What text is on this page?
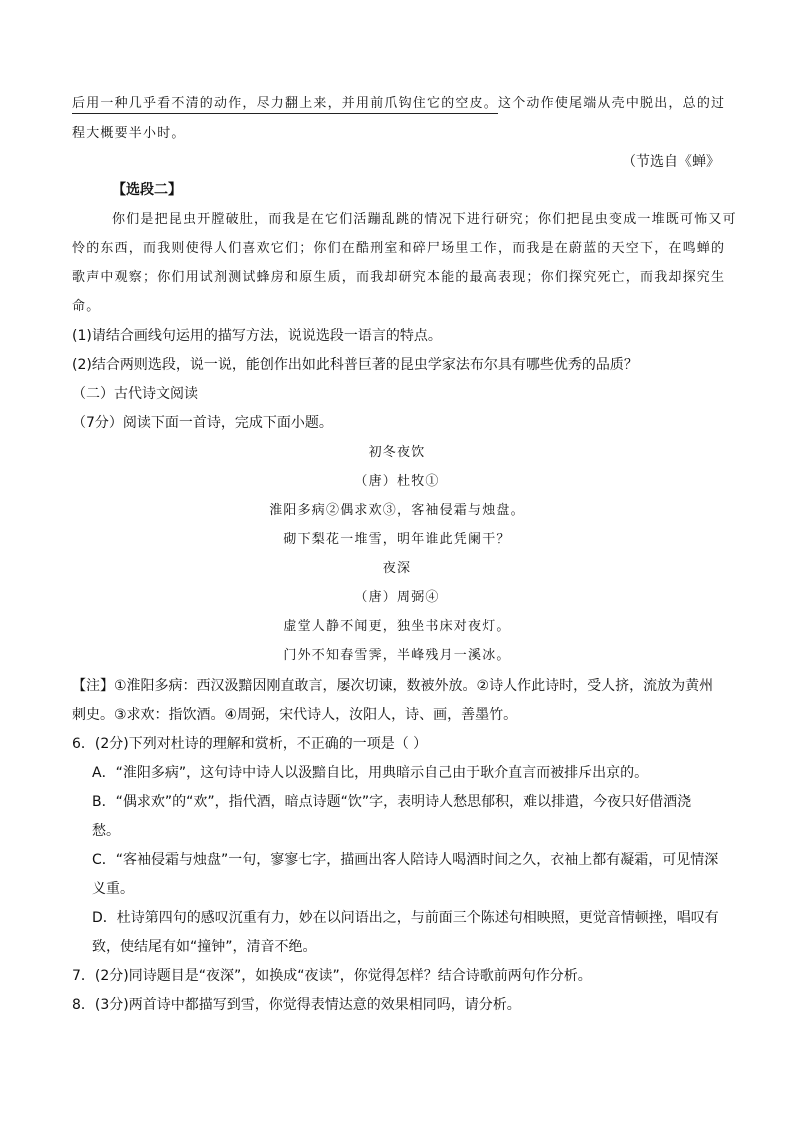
后用一种几乎看不清的动作，尽力翻上来，并用前爪钩住它的空皮。这个动作使尾端从壳中脱出，总的过
程大概要半小时。
（节选自《蝉》
【选段二】
你们是把昆虫开膛破肚，而我是在它们活蹦乱跳的情况下进行研究；你们把昆虫变成一堆既可怖又可
怜的东西，而我则使得人们喜欢它们；你们在酷刑室和碎尸场里工作，而我是在蔚蓝的天空下，在鸣蝉的
歌声中观察；你们用试剂测试蜂房和原生质，而我却研究本能的最高表现；你们探究死亡，而我却探究生
命。
(1)请结合画线句运用的描写方法，说说选段一语言的特点。
(2)结合两则选段，说一说，能创作出如此科普巨著的昆虫学家法布尔具有哪些优秀的品质？
（二）古代诗文阅读
（7分）阅读下面一首诗，完成下面小题。
初冬夜饮
（唐）杜牧①
淮阳多病②偶求欢③，客袖侵霜与烛盘。
砌下梨花一堆雪，明年谁此凭阑干？
夜深
（唐）周弼④
虚堂人静不闻更，独坐书床对夜灯。
门外不知春雪霁，半峰残月一溪冰。
【注】①淮阳多病：西汉汲黯因刚直敢言，屡次切谏，数被外放。②诗人作此诗时，受人挤，流放为黄州
刺史。③求欢：指饮酒。④周弼，宋代诗人，汝阳人，诗、画，善墨竹。
6．(2分)下列对杜诗的理解和赏析，不正确的一项是（ ）
A．“淮阳多病”，这句诗中诗人以汲黯自比，用典暗示自己由于耿介直言而被排斥出京的。
B．“偶求欢”的“欢”，指代酒，暗点诗题“饮”字，表明诗人愁思郁积，难以排遣，今夜只好借酒浇
愁。
C．“客袖侵霜与烛盘”一句，寥寥七字，描画出客人陪诗人喝酒时间之久，衣袖上都有凝霜，可见情深
义重。
D．杜诗第四句的感叹沉重有力，妙在以问语出之，与前面三个陈述句相映照，更觉音情顿挫，唱叹有
致，使结尾有如“撞钟”，清音不绝。
7．(2分)同诗题目是“夜深”，如换成“夜读”，你觉得怎样？结合诗歌前两句作分析。
8．(3分)两首诗中都描写到雪，你觉得表情达意的效果相同吗，请分析。
